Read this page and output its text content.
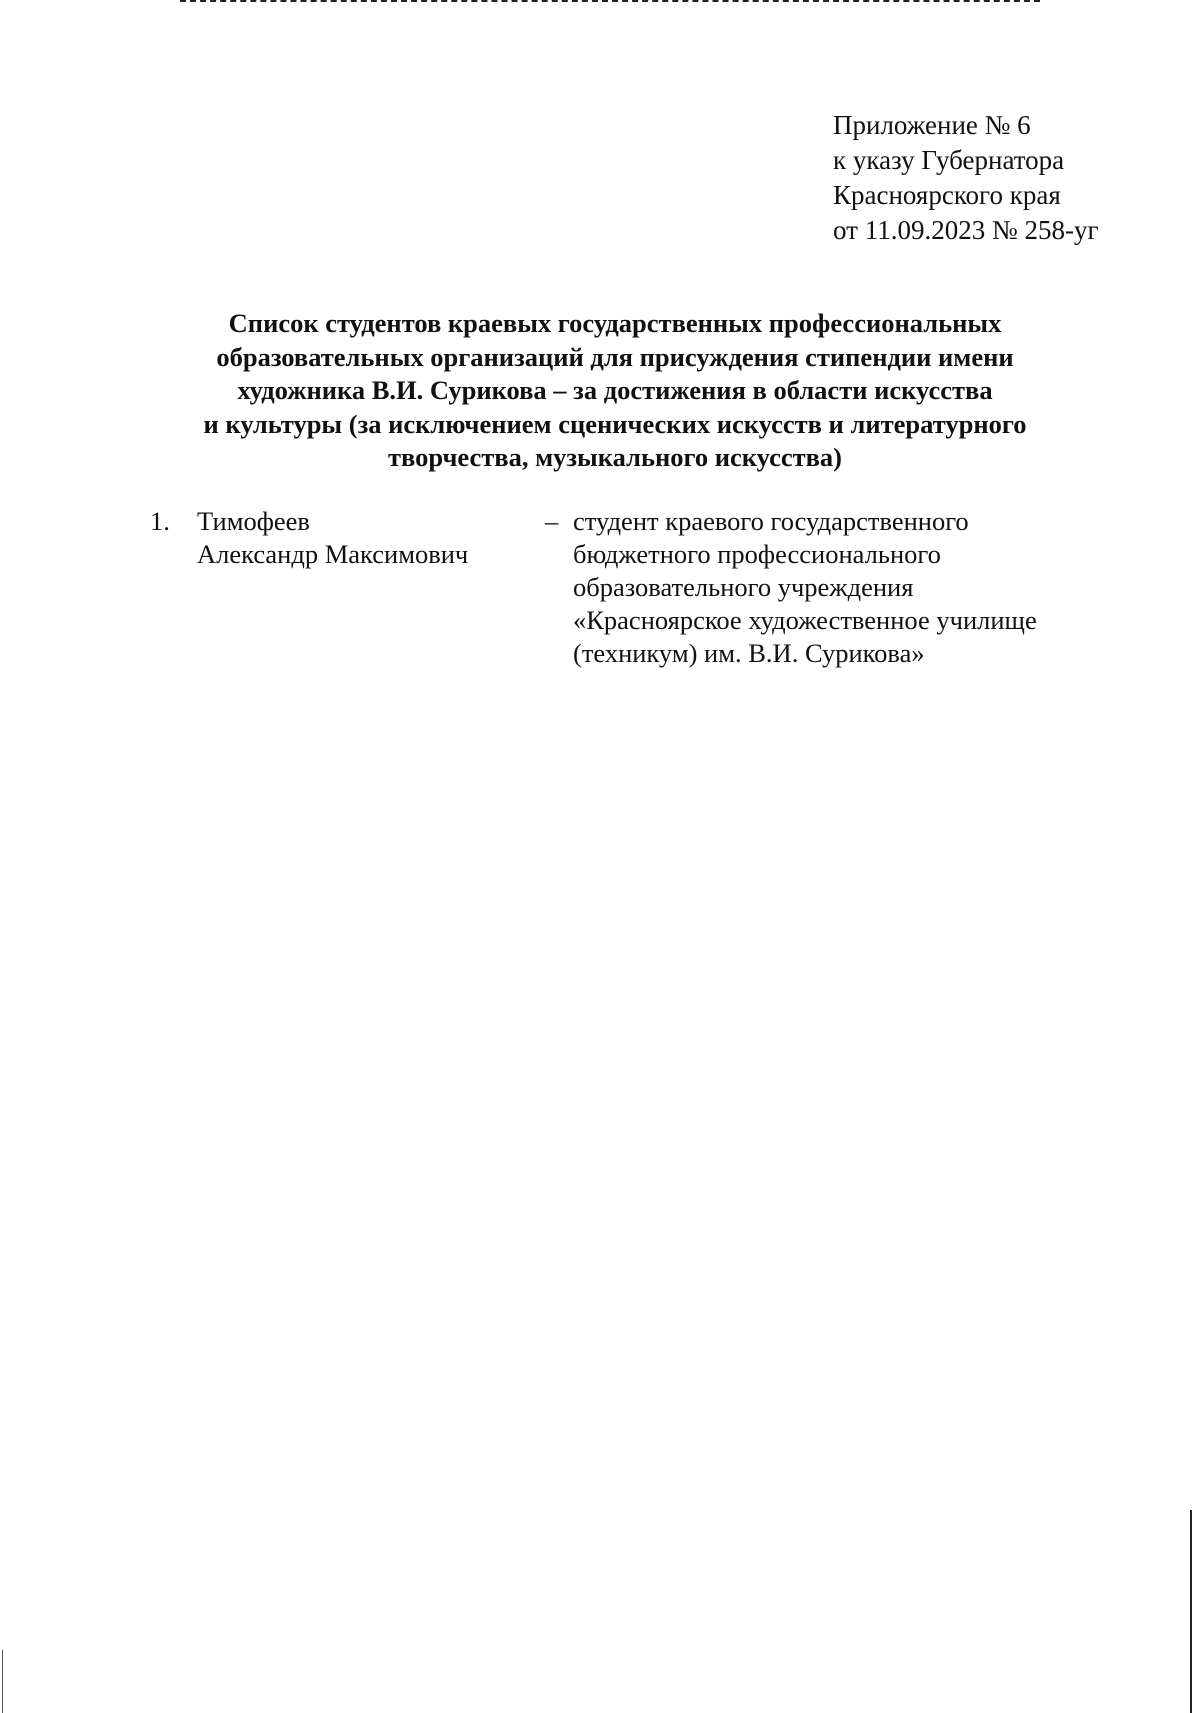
Приложение № 6
к указу Губернатора
Красноярского края
от 11.09.2023 № 258-уг
Список студентов краевых государственных профессиональных
образовательных организаций для присуждения стипендии имени
художника В.И. Сурикова – за достижения в области искусства
и культуры (за исключением сценических искусств и литературного
творчества, музыкального искусства)
1. Тимофеев
Александр Максимович
– студент краевого государственного
бюджетного профессионального
образовательного учреждения
«Красноярское художественное училище
(техникум) им. В.И. Сурикова»
